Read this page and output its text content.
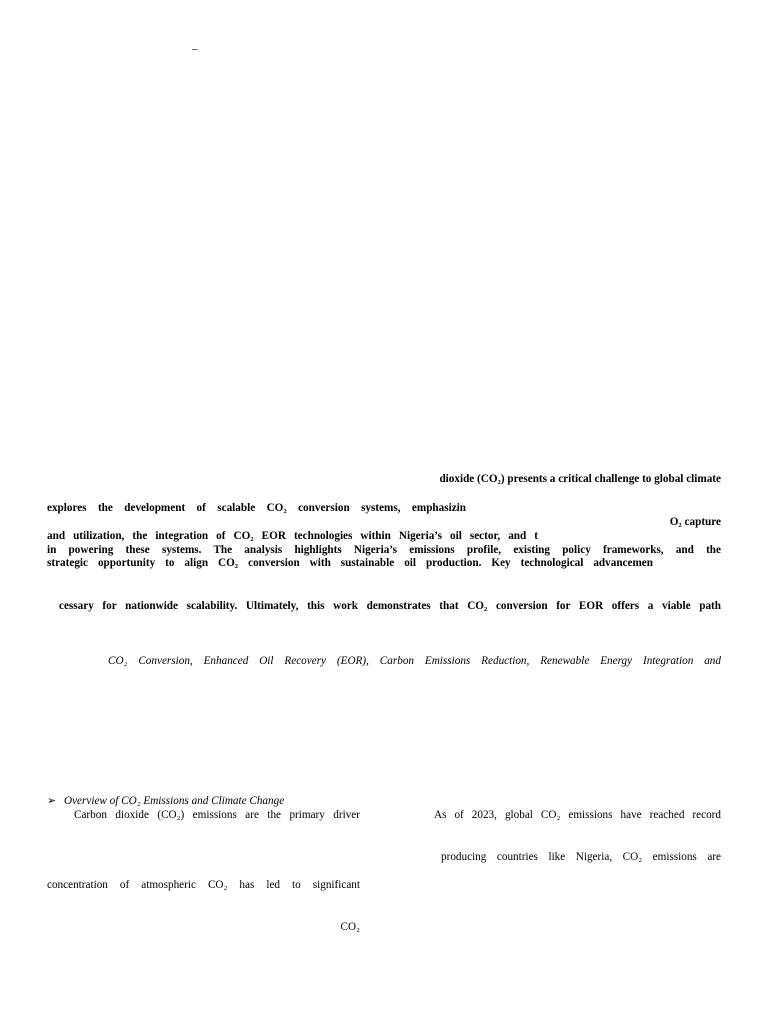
–
dioxide (CO₂) presents a critical challenge to global climate
explores the development of scalable CO₂ conversion systems, emphasizin
O₂ capture
and utilization, the integration of CO₂ EOR technologies within Nigeria’s oil sector, and t
in powering these systems. The analysis highlights Nigeria’s emissions profile, existing policy frameworks, and the
strategic opportunity to align CO₂ conversion with sustainable oil production. Key technological advancemen
cessary for nationwide scalability. Ultimately, this work demonstrates that CO₂ conversion for EOR offers a viable path
CO₂ Conversion, Enhanced Oil Recovery (EOR), Carbon Emissions Reduction, Renewable Energy Integration and
➢ Overview of CO₂ Emissions and Climate Change
Carbon dioxide (CO₂) emissions are the primary driver
concentration of atmospheric CO₂ has led to significant
CO₂
As of 2023, global CO₂ emissions have reached record
producing countries like Nigeria, CO₂ emissions are
